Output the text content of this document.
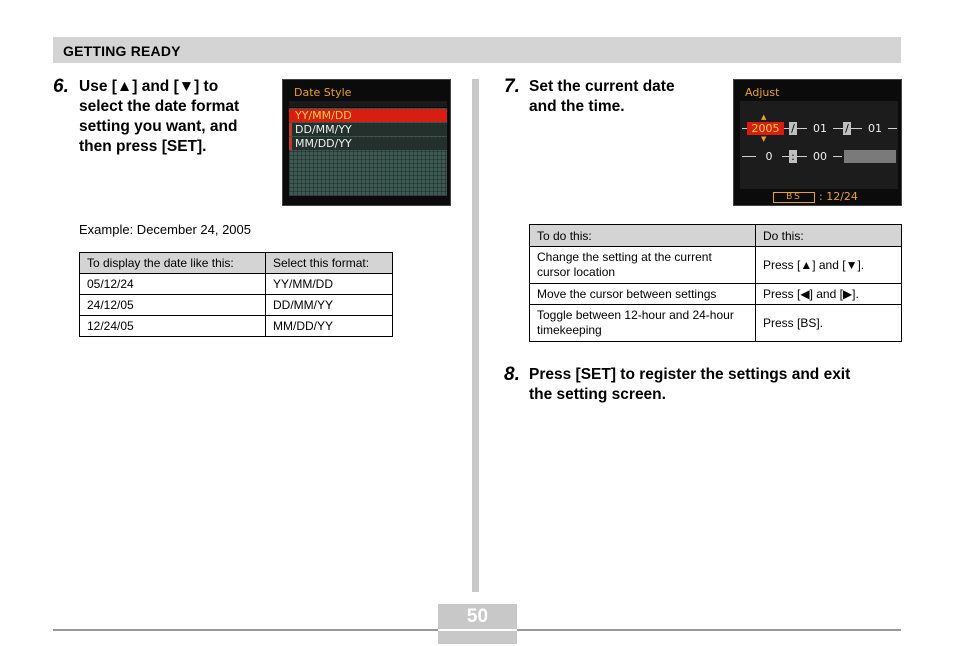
GETTING READY
6. Use [▲] and [▼] to
select the date format
setting you want, and
then press [SET].
Date Style
YY/MM/DD
DD/MM/YY
MM/DD/YY
Example: December 24, 2005
To display the date like this:	Select this format:
05/12/24	YY/MM/DD
24/12/05	DD/MM/YY
12/24/05	MM/DD/YY
7. Set the current date
and the time.
Adjust
▲
2005	/	01	/	01
▼
0	:	00
BS	: 12/24
To do this:	Do this:
Change the setting at the current cursor location	Press [▲] and [▼].
Move the cursor between settings	Press [◀] and [▶].
Toggle between 12-hour and 24-hour timekeeping	Press [BS].
8. Press [SET] to register the settings and exit
the setting screen.
50
